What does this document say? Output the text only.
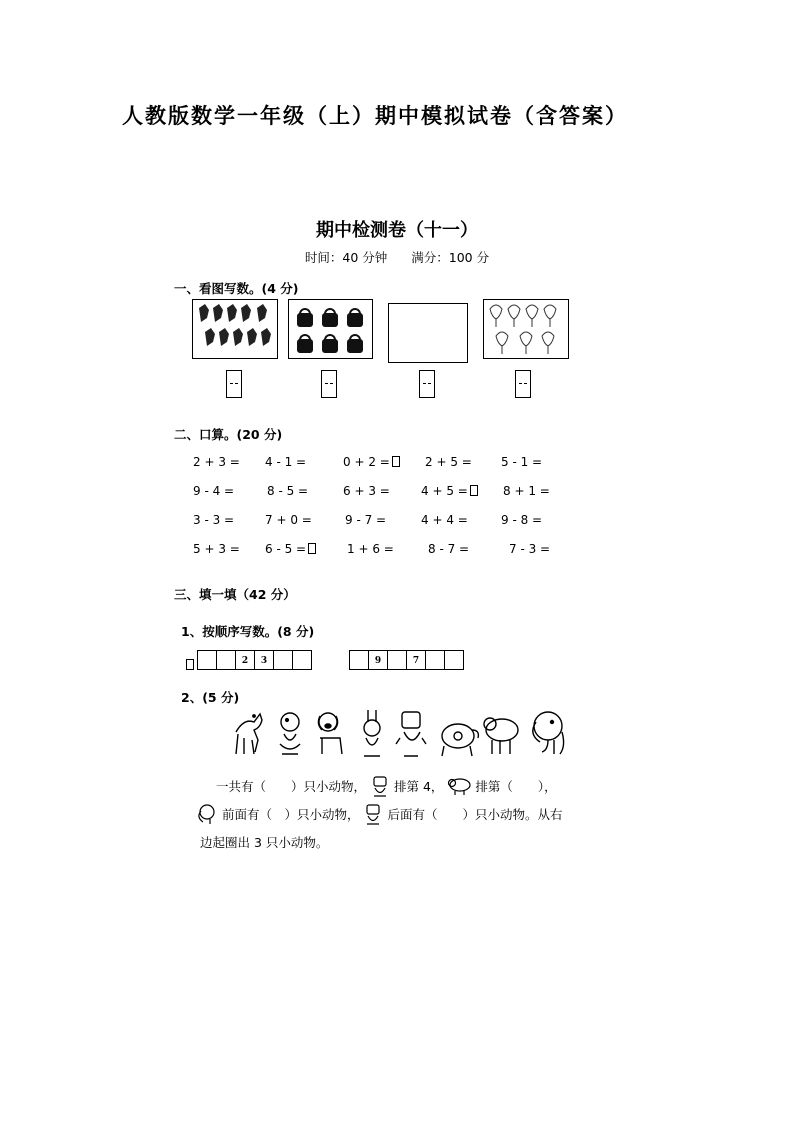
人教版数学一年级（上）期中模拟试卷（含答案）
期中检测卷（十一）
时间：40 分钟 满分：100 分
一、看图写数。(4 分)
二、口算。(20 分)
2 + 3 = 4 - 1 =	0 + 2 =	2 + 5 = 5 - 1 =
9 - 4 =	8 - 5 =	6 + 3 =	4 + 5 =	8 + 1 =
3 - 3 =	7 + 0 =	9 - 7 =	4 + 4 =	9 - 8 =
5 + 3 = 6 - 5 =	1 + 6 =	8 - 7 =	7 - 3 =
三、填一填（42 分）
1、按顺序写数。(8 分)
2	3	9	7
2、(5 分)
一共有（　　）只小动物， 排第 4，	排第（　　），
前面有（　）只小动物， 后面有（　　）只小动物。从右
边起圈出 3 只小动物。
